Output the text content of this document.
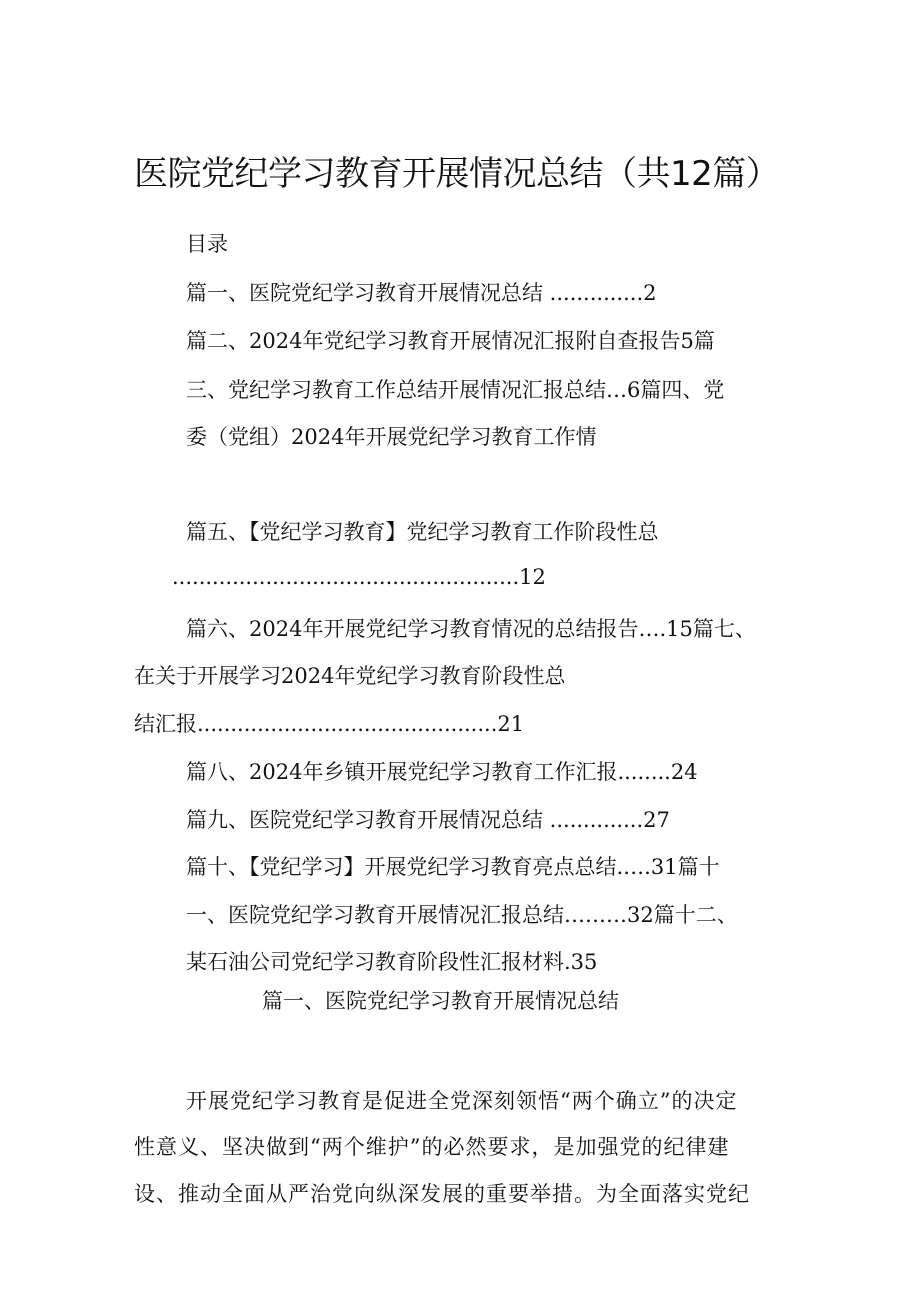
医院党纪学习教育开展情况总结（共12篇）
目录
篇一、医院党纪学习教育开展情况总结 ..............2
篇二、2024年党纪学习教育开展情况汇报附自查报告5篇
三、党纪学习教育工作总结开展情况汇报总结…6篇四、党
委（党组）2024年开展党纪学习教育工作情
篇五、【党纪学习教育】党纪学习教育工作阶段性总
....................................................12
篇六、2024年开展党纪学习教育情况的总结报告….15篇七、
在关于开展学习2024年党纪学习教育阶段性总
结汇报.............................................21
篇八、2024年乡镇开展党纪学习教育工作汇报........24
篇九、医院党纪学习教育开展情况总结 ..............27
篇十、【党纪学习】开展党纪学习教育亮点总结.….31篇十
一、医院党纪学习教育开展情况汇报总结………32篇十二、
某石油公司党纪学习教育阶段性汇报材料.35
篇一、医院党纪学习教育开展情况总结
开展党纪学习教育是促进全党深刻领悟“两个确立”的决定
性意义、坚决做到“两个维护”的必然要求，是加强党的纪律建
设、推动全面从严治党向纵深发展的重要举措。为全面落实党纪
